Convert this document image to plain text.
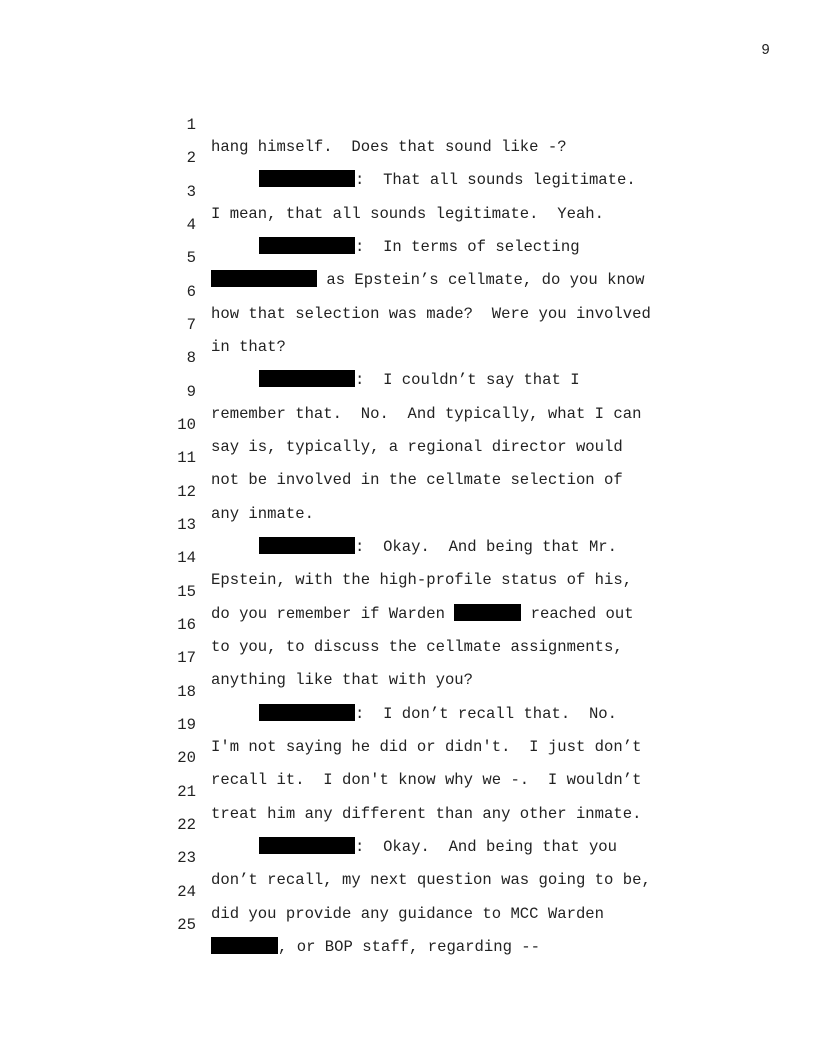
9

1

hang himself.  Does that sound like -?

2

:  That all sounds legitimate.

3

I mean, that all sounds legitimate.  Yeah.

4

:  In terms of selecting

5

as Epstein’s cellmate, do you know

6

how that selection was made?  Were you involved

7

in that?

8

:  I couldn’t say that I

9

remember that.  No.  And typically, what I can

10

say is, typically, a regional director would

11

not be involved in the cellmate selection of

12

any inmate.

13

:  Okay.  And being that Mr.

14

Epstein, with the high-profile status of his,

15

do you remember if Warden	reached out

16

to you, to discuss the cellmate assignments,

17

anything like that with you?

18

:  I don’t recall that.  No.

19

I'm not saying he did or didn't.  I just don’t

20

recall it.  I don't know why we -.  I wouldn’t

21

treat him any different than any other inmate.

22

:  Okay.  And being that you

23

don’t recall, my next question was going to be,

24

did you provide any guidance to MCC Warden

25

, or BOP staff, regarding --
